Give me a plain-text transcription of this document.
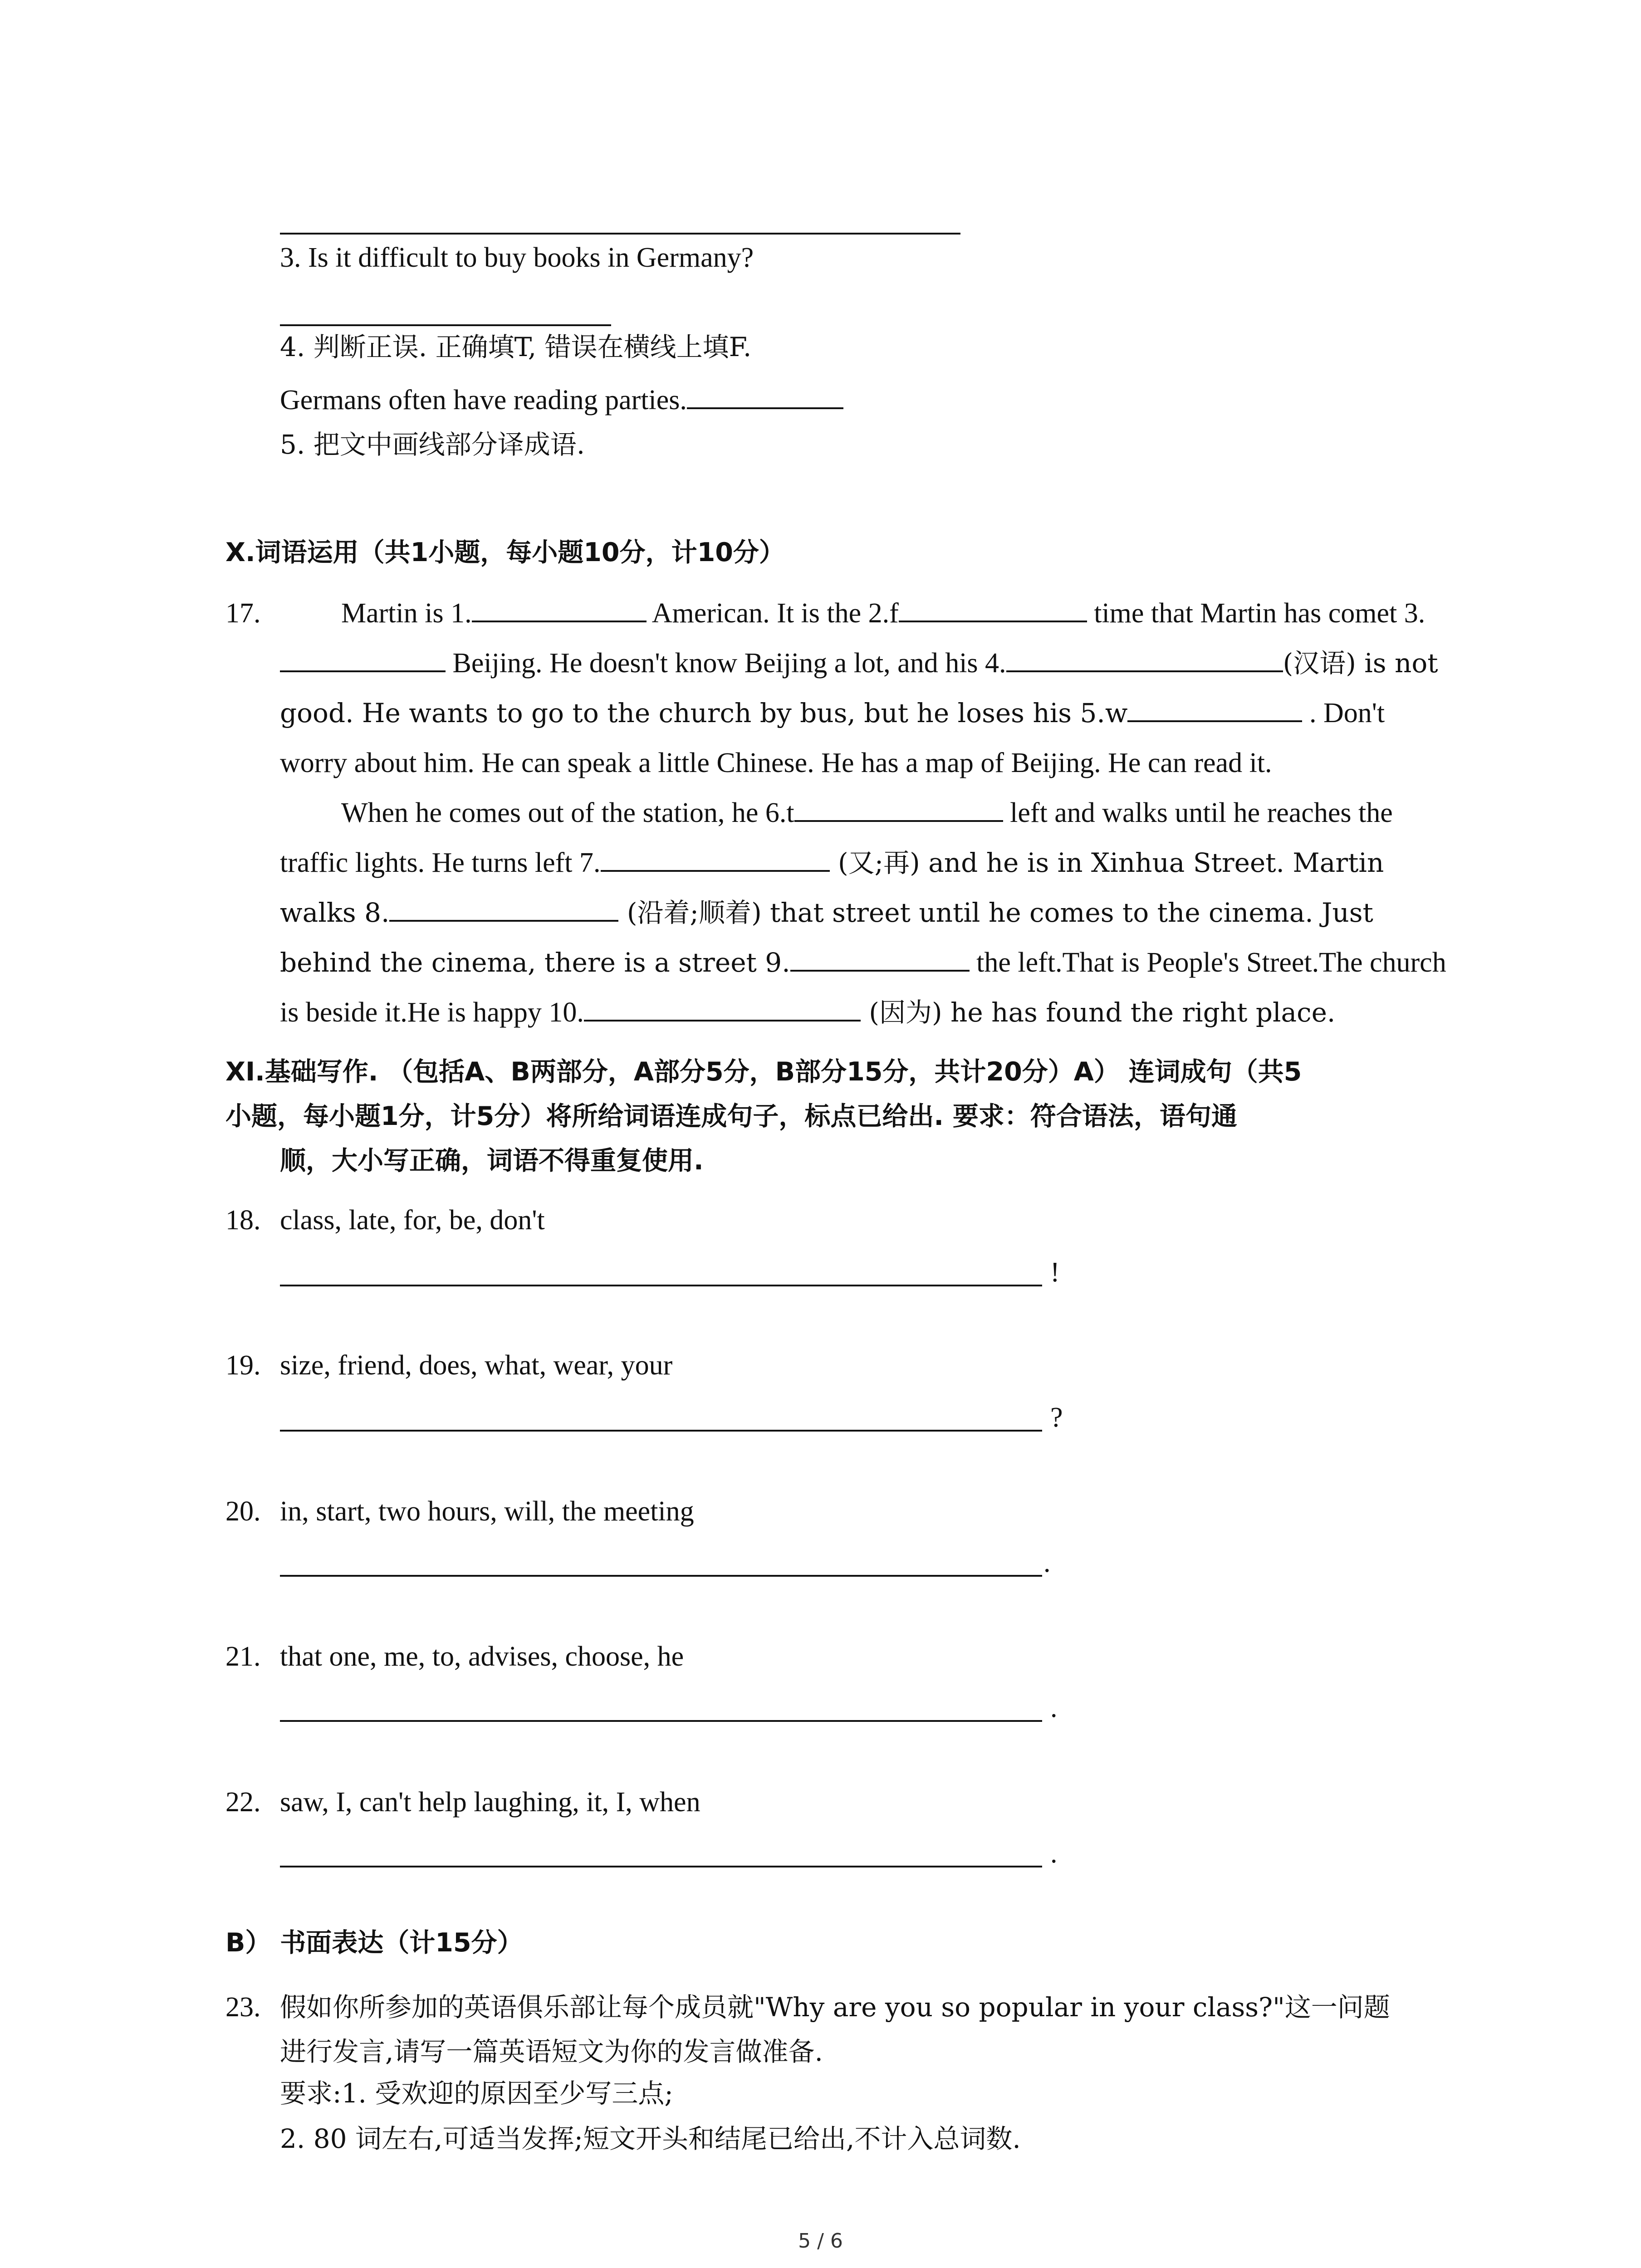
3. Is it difficult to buy books in Germany?
4. 判断正误. 正确填T, 错误在横线上填F.
Germans often have reading parties.
5. 把文中画线部分译成语.
X.词语运用（共1小题，每小题10分，计10分）
17.	Martin is 1.	American. It is the 2.f	time that Martin has comet 3. Beijing. He doesn't know Beijing a lot, and his 4.	(汉语) is not good. He wants to go to the church by bus, but he loses his 5.w	. Don't worry about him. He can speak a little Chinese. He has a map of Beijing. He can read it.
When he comes out of the station, he 6.t	left and walks until he reaches the traffic lights. He turns left 7.	(又;再) and he is in Xinhua Street. Martin walks 8.	(沿着;顺着) that street until he comes to the cinema. Just behind the cinema, there is a street 9.	the left.That is People's Street.The church is beside it.He is happy 10.	(因为) he has found the right place.
XI.基础写作. （包括A、B两部分，A部分5分，B部分15分，共计20分）A） 连词成句（共5
小题，每小题1分，计5分）将所给词语连成句子，标点已给出. 要求：符合语法，语句通
顺，大小写正确，词语不得重复使用.
18. class, late, for, be, don't
!
19. size, friend, does, what, wear, your
?
20. in, start, two hours, will, the meeting
.
21. that one, me, to, advises, choose, he
.
22. saw, I, can't help laughing, it, I, when
.
B） 书面表达（计15分）
23. 假如你所参加的英语俱乐部让每个成员就"Why are you so popular in your class?"这一问题
进行发言,请写一篇英语短文为你的发言做准备.
要求:1. 受欢迎的原因至少写三点;
2. 80 词左右,可适当发挥;短文开头和结尾已给出,不计入总词数.
5 / 6
